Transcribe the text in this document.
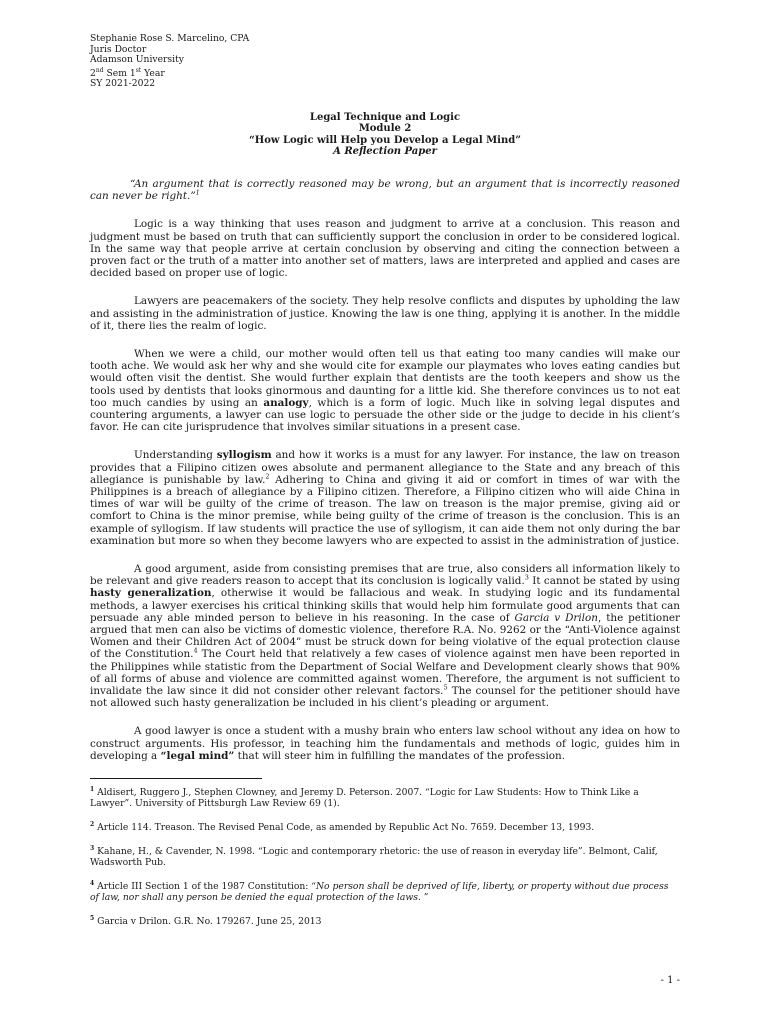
Stephanie Rose S. Marcelino, CPA
Juris Doctor
Adamson University
2nd Sem 1st Year
SY 2021-2022
Legal Technique and Logic
Module 2
“How Logic will Help you Develop a Legal Mind”
A Reflection Paper
“An argument that is correctly reasoned may be wrong, but an argument that is incorrectly reasoned can never be right.”$^1$
Logic is a way thinking that uses reason and judgment to arrive at a conclusion. This reason and judgment must be based on truth that can sufficiently support the conclusion in order to be considered logical. In the same way that people arrive at certain conclusion by observing and citing the connection between a proven fact or the truth of a matter into another set of matters, laws are interpreted and applied and cases are decided based on proper use of logic.
Lawyers are peacemakers of the society. They help resolve conflicts and disputes by upholding the law and assisting in the administration of justice. Knowing the law is one thing, applying it is another. In the middle of it, there lies the realm of logic.
When we were a child, our mother would often tell us that eating too many candies will make our tooth ache. We would ask her why and she would cite for example our playmates who loves eating candies but would often visit the dentist. She would further explain that dentists are the tooth keepers and show us the tools used by dentists that looks ginormous and daunting for a little kid. She therefore convinces us to not eat too much candies by using an analogy, which is a form of logic. Much like in solving legal disputes and countering arguments, a lawyer can use logic to persuade the other side or the judge to decide in his client’s favor. He can cite jurisprudence that involves similar situations in a present case.
Understanding syllogism and how it works is a must for any lawyer. For instance, the law on treason provides that a Filipino citizen owes absolute and permanent allegiance to the State and any breach of this allegiance is punishable by law.$^2$ Adhering to China and giving it aid or comfort in times of war with the Philippines is a breach of allegiance by a Filipino citizen. Therefore, a Filipino citizen who will aide China in times of war will be guilty of the crime of treason. The law on treason is the major premise, giving aid or comfort to China is the minor premise, while being guilty of the crime of treason is the conclusion. This is an example of syllogism. If law students will practice the use of syllogism, it can aide them not only during the bar examination but more so when they become lawyers who are expected to assist in the administration of justice.
A good argument, aside from consisting premises that are true, also considers all information likely to be relevant and give readers reason to accept that its conclusion is logically valid.$^3$ It cannot be stated by using hasty generalization, otherwise it would be fallacious and weak. In studying logic and its fundamental methods, a lawyer exercises his critical thinking skills that would help him formulate good arguments that can persuade any able minded person to believe in his reasoning. In the case of Garcia v Drilon, the petitioner argued that men can also be victims of domestic violence, therefore R.A. No. 9262 or the “Anti-Violence against Women and their Children Act of 2004” must be struck down for being violative of the equal protection clause of the Constitution.$^4$ The Court held that relatively a few cases of violence against men have been reported in the Philippines while statistic from the Department of Social Welfare and Development clearly shows that 90% of all forms of abuse and violence are committed against women. Therefore, the argument is not sufficient to invalidate the law since it did not consider other relevant factors.$^5$ The counsel for the petitioner should have not allowed such hasty generalization be included in his client’s pleading or argument.
A good lawyer is once a student with a mushy brain who enters law school without any idea on how to construct arguments. His professor, in teaching him the fundamentals and methods of logic, guides him in developing a “legal mind” that will steer him in fulfilling the mandates of the profession.
$^1$ Aldisert, Ruggero J., Stephen Clowney, and Jeremy D. Peterson. 2007. “Logic for Law Students: How to Think Like a Lawyer”. University of Pittsburgh Law Review 69 (1).
$^2$ Article 114. Treason. The Revised Penal Code, as amended by Republic Act No. 7659. December 13, 1993.
$^3$ Kahane, H., & Cavender, N. 1998. “Logic and contemporary rhetoric: the use of reason in everyday life”. Belmont, Calif, Wadsworth Pub.
$^4$ Article III Section 1 of the 1987 Constitution: “No person shall be deprived of life, liberty, or property without due process of law, nor shall any person be denied the equal protection of the laws. ”
$^5$ Garcia v Drilon. G.R. No. 179267. June 25, 2013
- 1 -
